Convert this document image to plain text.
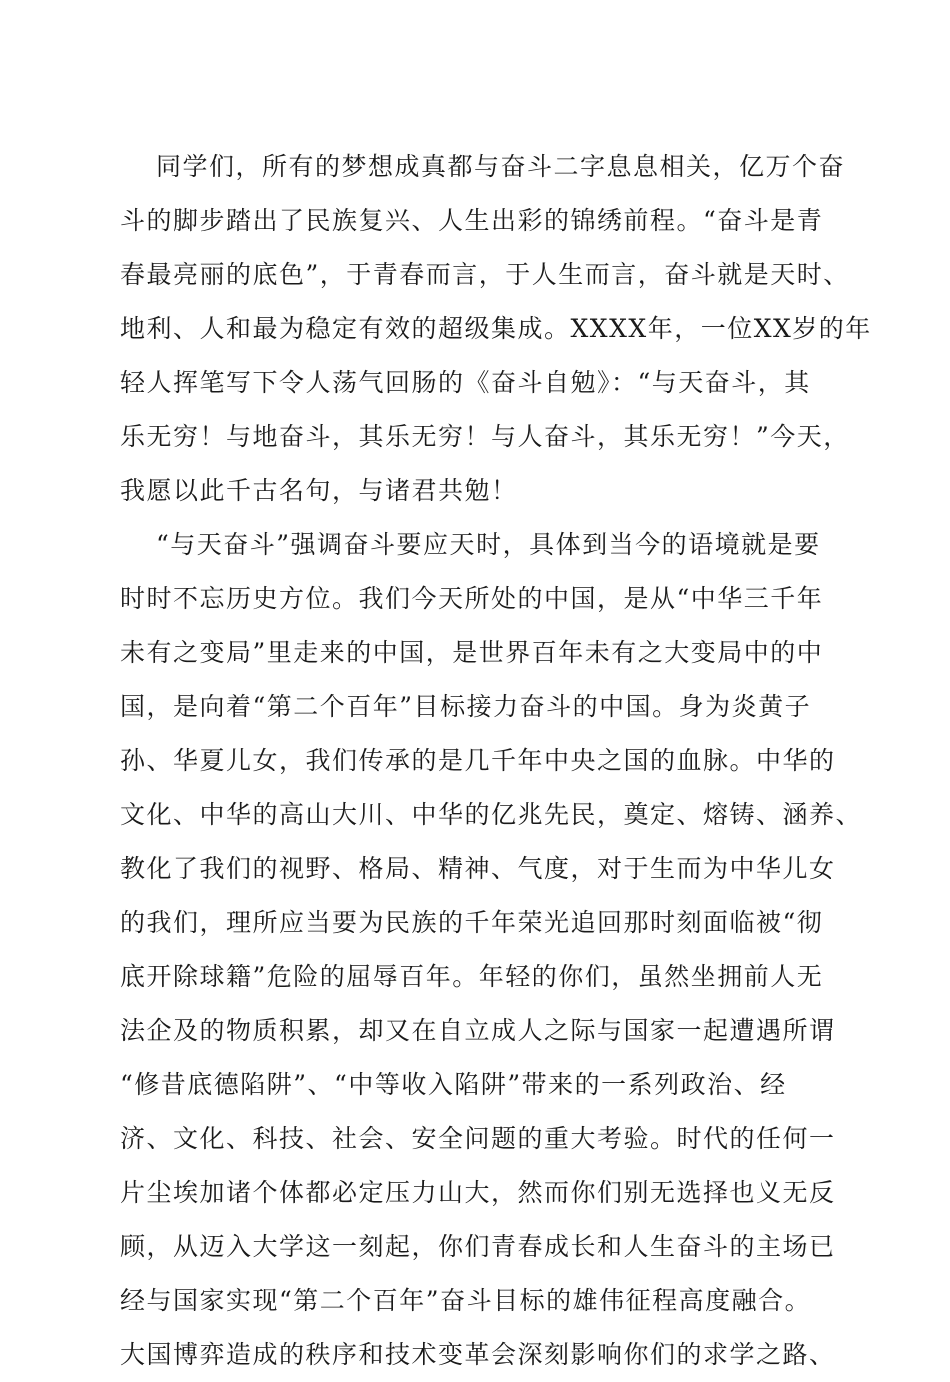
同学们，所有的梦想成真都与奋斗二字息息相关，亿万个奋
斗的脚步踏出了民族复兴、人生出彩的锦绣前程。“奋斗是青
春最亮丽的底色”，于青春而言，于人生而言，奋斗就是天时、
地利、人和最为稳定有效的超级集成。XXXX年，一位XX岁的年
轻人挥笔写下令人荡气回肠的《奋斗自勉》：“与天奋斗，其
乐无穷！与地奋斗，其乐无穷！与人奋斗，其乐无穷！”今天，
我愿以此千古名句，与诸君共勉！
“与天奋斗”强调奋斗要应天时，具体到当今的语境就是要
时时不忘历史方位。我们今天所处的中国，是从“中华三千年
未有之变局”里走来的中国，是世界百年未有之大变局中的中
国，是向着“第二个百年”目标接力奋斗的中国。身为炎黄子
孙、华夏儿女，我们传承的是几千年中央之国的血脉。中华的
文化、中华的高山大川、中华的亿兆先民，奠定、熔铸、涵养、
教化了我们的视野、格局、精神、气度，对于生而为中华儿女
的我们，理所应当要为民族的千年荣光追回那时刻面临被“彻
底开除球籍”危险的屈辱百年。年轻的你们，虽然坐拥前人无
法企及的物质积累，却又在自立成人之际与国家一起遭遇所谓
“修昔底德陷阱”、“中等收入陷阱”带来的一系列政治、经
济、文化、科技、社会、安全问题的重大考验。时代的任何一
片尘埃加诸个体都必定压力山大，然而你们别无选择也义无反
顾，从迈入大学这一刻起，你们青春成长和人生奋斗的主场已
经与国家实现“第二个百年”奋斗目标的雄伟征程高度融合。
大国博弈造成的秩序和技术变革会深刻影响你们的求学之路、
